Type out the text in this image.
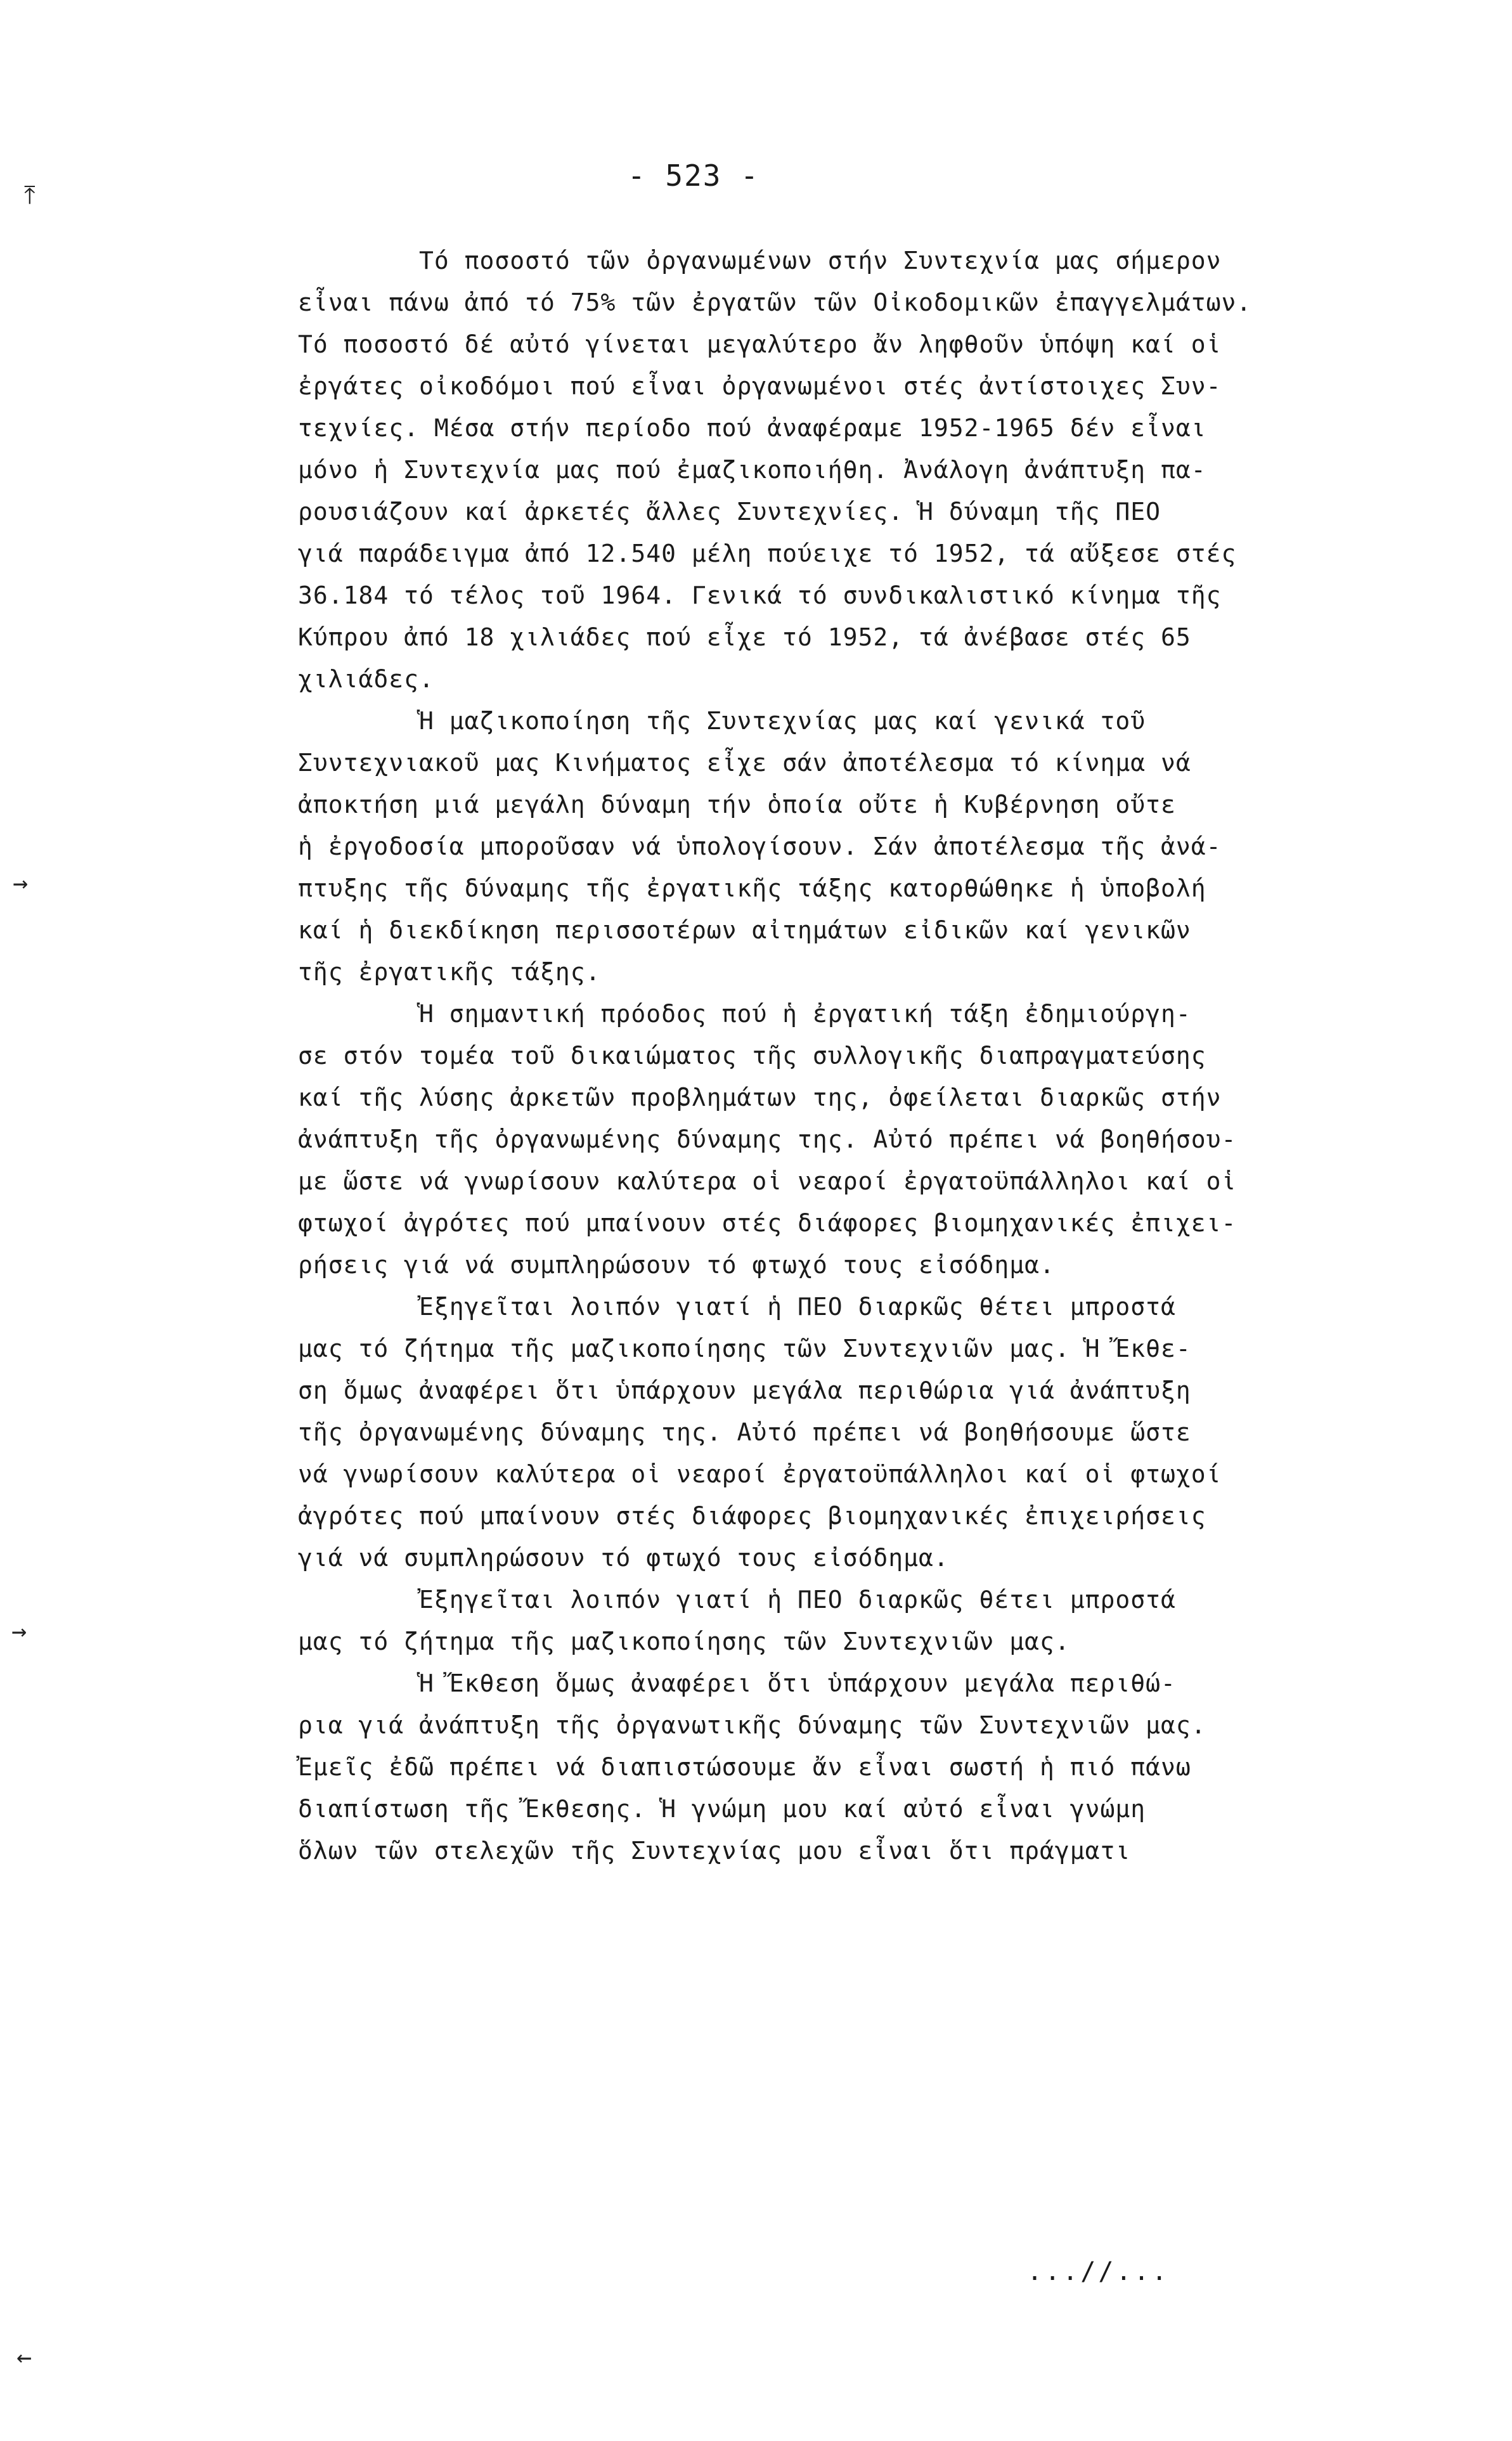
- 523 -
Τό ποσοστό τῶν ὀργανωμένων στήν Συντεχνία μας σήμερον
εἶναι πάνω ἀπό τό 75% τῶν ἐργατῶν τῶν Οἰκοδομικῶν ἐπαγγελμάτων.
Τό ποσοστό δέ αὐτό γίνεται μεγαλύτερο ἄν ληφθοῦν ὑπόψη καί οἱ
ἐργάτες οἰκοδόμοι πού εἶναι ὀργανωμένοι στές ἀντίστοιχες Συν-
τεχνίες. Μέσα στήν περίοδο πού ἀναφέραμε 1952-1965 δέν εἶναι
μόνο ἡ Συντεχνία μας πού ἐμαζικοποιήθη. Ἀνάλογη ἀνάπτυξη πα-
ρουσιάζουν καί ἀρκετές ἄλλες Συντεχνίες. Ἡ δύναμη τῆς ΠΕΟ
γιά παράδειγμα ἀπό 12.540 μέλη πούειχε τό 1952, τά αὔξεσε στές
36.184 τό τέλος τοῦ 1964. Γενικά τό συνδικαλιστικό κίνημα τῆς
Κύπρου ἀπό 18 χιλιάδες πού εἶχε τό 1952, τά ἀνέβασε στές 65
χιλιάδες.
Ἡ μαζικοποίηση τῆς Συντεχνίας μας καί γενικά τοῦ
Συντεχνιακοῦ μας Κινήματος εἶχε σάν ἀποτέλεσμα τό κίνημα νά
ἀποκτήση μιά μεγάλη δύναμη τήν ὁποία οὔτε ἡ Κυβέρνηση οὔτε
ἡ ἐργοδοσία μποροῦσαν νά ὑπολογίσουν. Σάν ἀποτέλεσμα τῆς ἀνά-
πτυξης τῆς δύναμης τῆς ἐργατικῆς τάξης κατορθώθηκε ἡ ὑποβολή
καί ἡ διεκδίκηση περισσοτέρων αἰτημάτων εἰδικῶν καί γενικῶν
τῆς ἐργατικῆς τάξης.
Ἡ σημαντική πρόοδος πού ἡ ἐργατική τάξη ἐδημιούργη-
σε στόν τομέα τοῦ δικαιώματος τῆς συλλογικῆς διαπραγματεύσης
καί τῆς λύσης ἀρκετῶν προβλημάτων της, ὀφείλεται διαρκῶς στήν
ἀνάπτυξη τῆς ὀργανωμένης δύναμης της. Αὐτό πρέπει νά βοηθήσου-
με ὥστε νά γνωρίσουν καλύτερα οἱ νεαροί ἐργατοϋπάλληλοι καί οἱ
φτωχοί ἀγρότες πού μπαίνουν στές διάφορες βιομηχανικές ἐπιχει-
ρήσεις γιά νά συμπληρώσουν τό φτωχό τους εἰσόδημα.
Ἐξηγεῖται λοιπόν γιατί ἡ ΠΕΟ διαρκῶς θέτει μπροστά
μας τό ζήτημα τῆς μαζικοποίησης τῶν Συντεχνιῶν μας. Ἡ Ἔκθε-
ση ὅμως ἀναφέρει ὅτι ὑπάρχουν μεγάλα περιθώρια γιά ἀνάπτυξη
τῆς ὀργανωμένης δύναμης της. Αὐτό πρέπει νά βοηθήσουμε ὥστε
νά γνωρίσουν καλύτερα οἱ νεαροί ἐργατοϋπάλληλοι καί οἱ φτωχοί
ἀγρότες πού μπαίνουν στές διάφορες βιομηχανικές ἐπιχειρήσεις
γιά νά συμπληρώσουν τό φτωχό τους εἰσόδημα.
Ἐξηγεῖται λοιπόν γιατί ἡ ΠΕΟ διαρκῶς θέτει μπροστά
μας τό ζήτημα τῆς μαζικοποίησης τῶν Συντεχνιῶν μας.
Ἡ Ἔκθεση ὅμως ἀναφέρει ὅτι ὑπάρχουν μεγάλα περιθώ-
ρια γιά ἀνάπτυξη τῆς ὀργανωτικῆς δύναμης τῶν Συντεχνιῶν μας.
Ἐμεῖς ἐδῶ πρέπει νά διαπιστώσουμε ἄν εἶναι σωστή ἡ πιό πάνω
διαπίστωση τῆς Ἔκθεσης. Ἡ γνώμη μου καί αὐτό εἶναι γνώμη
ὅλων τῶν στελεχῶν τῆς Συντεχνίας μου εἶναι ὅτι πράγματι
...//...
⤒
→
→
←
